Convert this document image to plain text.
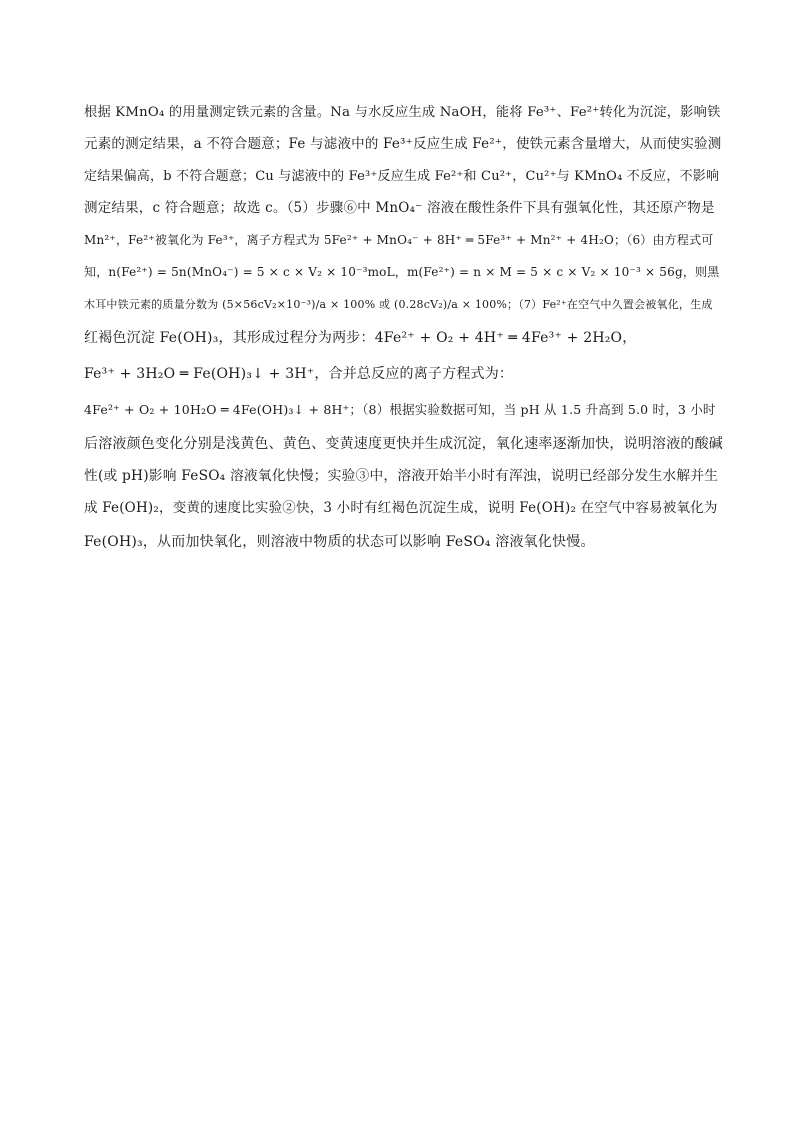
根据 KMnO₄ 的用量测定铁元素的含量。Na 与水反应生成 NaOH，能将 Fe³⁺、Fe²⁺转化为沉淀，影响铁
元素的测定结果，a 不符合题意；Fe 与滤液中的 Fe³⁺反应生成 Fe²⁺，使铁元素含量增大，从而使实验测
定结果偏高，b 不符合题意；Cu 与滤液中的 Fe³⁺反应生成 Fe²⁺和 Cu²⁺，Cu²⁺与 KMnO₄ 不反应，不影响
测定结果，c 符合题意；故选 c。（5）步骤⑥中 MnO₄⁻ 溶液在酸性条件下具有强氧化性，其还原产物是
Mn²⁺，Fe²⁺被氧化为 Fe³⁺，离子方程式为 5Fe²⁺ + MnO₄⁻ + 8H⁺ ═ 5Fe³⁺ + Mn²⁺ + 4H₂O；（6）由方程式可
知，n(Fe²⁺) = 5n(MnO₄⁻) = 5 × c × V₂ × 10⁻³moL，m(Fe²⁺) = n × M = 5 × c × V₂ × 10⁻³ × 56g，则黑
木耳中铁元素的质量分数为 (5×56cV₂×10⁻³)/a × 100% 或 (0.28cV₂)/a × 100%；（7）Fe²⁺在空气中久置会被氧化，生成
红褐色沉淀 Fe(OH)₃，其形成过程分为两步：4Fe²⁺ + O₂ + 4H⁺ ═ 4Fe³⁺ + 2H₂O，
Fe³⁺ + 3H₂O ═ Fe(OH)₃↓ + 3H⁺，合并总反应的离子方程式为：
4Fe²⁺ + O₂ + 10H₂O ═ 4Fe(OH)₃↓ + 8H⁺；（8）根据实验数据可知，当 pH 从 1.5 升高到 5.0 时，3 小时
后溶液颜色变化分别是浅黄色、黄色、变黄速度更快并生成沉淀，氧化速率逐渐加快，说明溶液的酸碱
性(或 pH)影响 FeSO₄ 溶液氧化快慢；实验③中，溶液开始半小时有浑浊，说明已经部分发生水解并生
成 Fe(OH)₂，变黄的速度比实验②快，3 小时有红褐色沉淀生成，说明 Fe(OH)₂ 在空气中容易被氧化为
Fe(OH)₃，从而加快氧化，则溶液中物质的状态可以影响 FeSO₄ 溶液氧化快慢。
